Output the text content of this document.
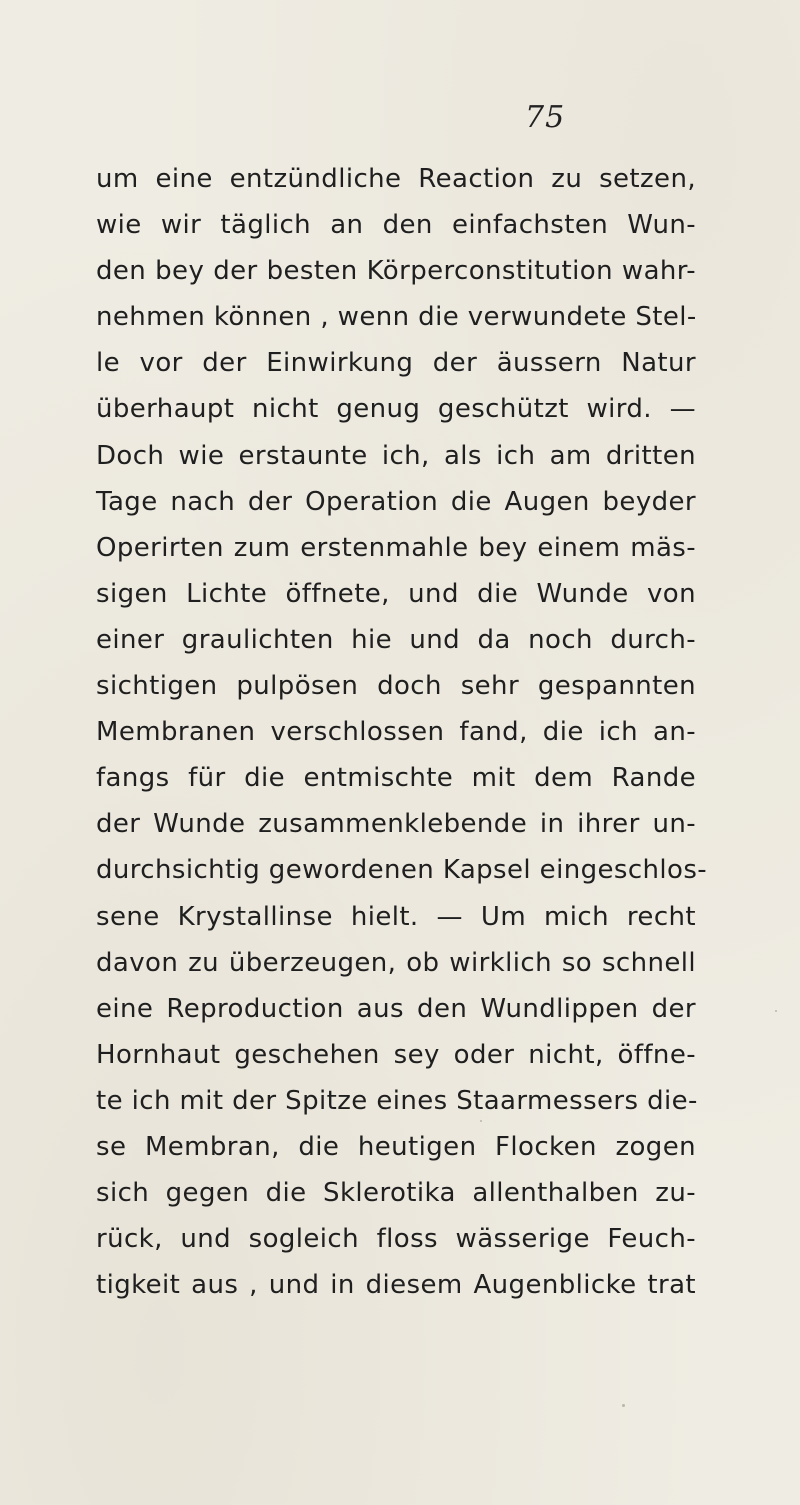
75
um eine entzündliche Reaction zu setzen,
wie wir täglich an den einfachsten Wun-
den bey der besten Körperconstitution wahr-
nehmen können , wenn die verwundete Stel-
le vor der Einwirkung der äussern Natur
überhaupt nicht genug geschützt wird. —
Doch wie erstaunte ich, als ich am dritten
Tage nach der Operation die Augen beyder
Operirten zum erstenmahle bey einem mäs-
sigen Lichte öffnete, und die Wunde von
einer graulichten hie und da noch durch-
sichtigen pulpösen doch sehr gespannten
Membranen verschlossen fand, die ich an-
fangs für die entmischte mit dem Rande
der Wunde zusammenklebende in ihrer un-
durchsichtig gewordenen Kapsel eingeschlos-
sene Krystallinse hielt. — Um mich recht
davon zu überzeugen, ob wirklich so schnell
eine Reproduction aus den Wundlippen der
Hornhaut geschehen sey oder nicht, öffne-
te ich mit der Spitze eines Staarmessers die-
se Membran, die heutigen Flocken zogen
sich gegen die Sklerotika allenthalben zu-
rück, und sogleich floss wässerige Feuch-
tigkeit aus , und in diesem Augenblicke trat
